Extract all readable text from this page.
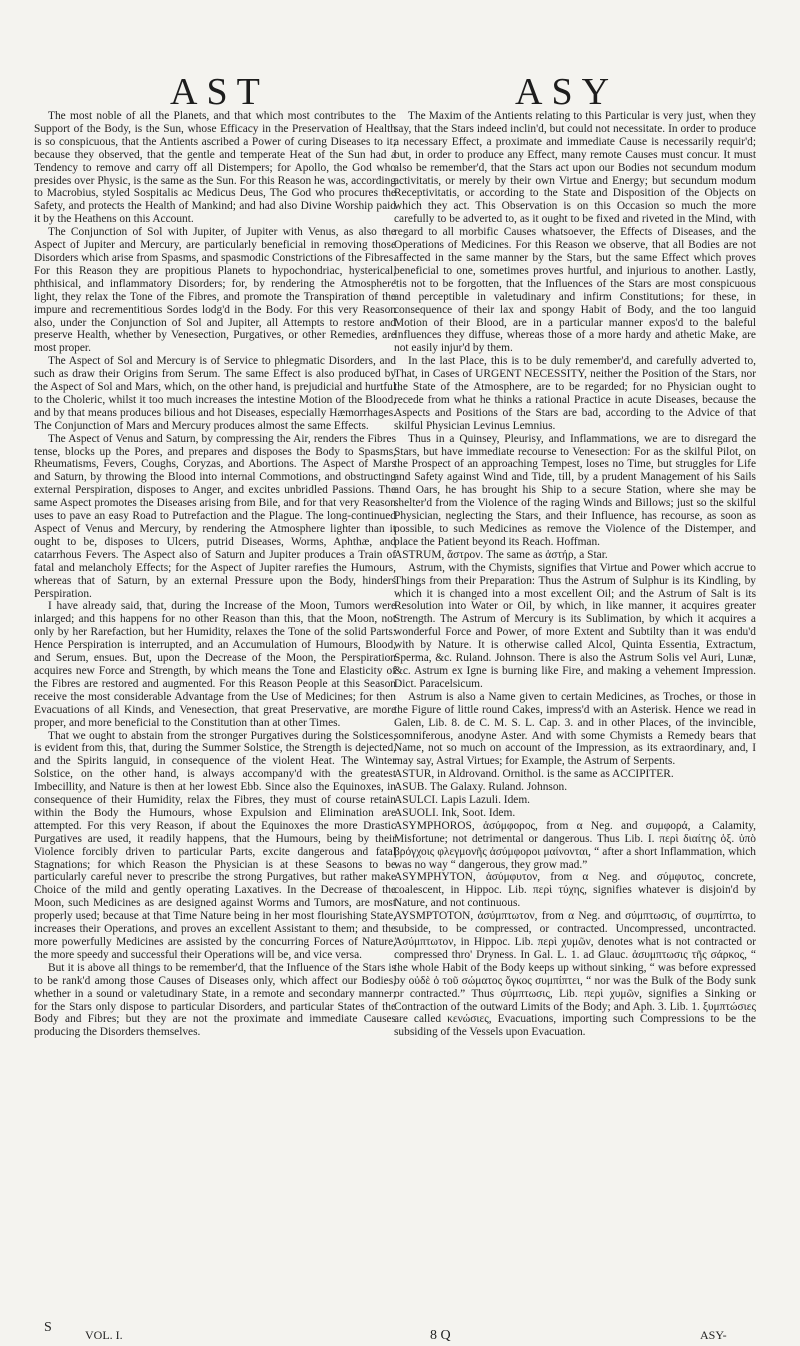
AST	ASY

The most noble of all the Planets, and that which most contributes to the Support of the Body, is the Sun, whose Efficacy in the Preservation of Health is so conspicuous, that the Antients ascribed a Power of curing Diseases to it; because they observed, that the gentle and temperate Heat of the Sun had a Tendency to remove and carry off all Distempers; for Apollo, the God who presides over Physic, is the same as the Sun. For this Reason he was, according to Macrobius, styled Sospitalis ac Medicus Deus, The God who procures the Safety, and protects the Health of Mankind; and had also Divine Worship paid it by the Heathens on this Account.

The Conjunction of Sol with Jupiter, of Jupiter with Venus, as also the Aspect of Jupiter and Mercury, are particularly beneficial in removing those Disorders which arise from Spasms, and spasmodic Constrictions of the Fibres. For this Reason they are propitious Planets to hypochondriac, hysterical, phthisical, and inflammatory Disorders; for, by rendering the Atmosphere light, they relax the Tone of the Fibres, and promote the Transpiration of the impure and recrementitious Sordes lodg'd in the Body. For this very Reason also, under the Conjunction of Sol and Jupiter, all Attempts to restore and preserve Health, whether by Venesection, Purgatives, or other Remedies, are most proper.

The Aspect of Sol and Mercury is of Service to phlegmatic Disorders, and such as draw their Origins from Serum. The same Effect is also produced by the Aspect of Sol and Mars, which, on the other hand, is prejudicial and hurtful to the Choleric, whilst it too much increases the intestine Motion of the Blood, and by that means produces bilious and hot Diseases, especially Hæmorrhages. The Conjunction of Mars and Mercury produces almost the same Effects.

The Aspect of Venus and Saturn, by compressing the Air, renders the Fibres tense, blocks up the Pores, and prepares and disposes the Body to Spasms, Rheumatisms, Fevers, Coughs, Coryzas, and Abortions. The Aspect of Mars and Saturn, by throwing the Blood into internal Commotions, and obstructing external Perspiration, disposes to Anger, and excites unbridled Passions. The same Aspect promotes the Diseases arising from Bile, and for that very Reason uses to pave an easy Road to Putrefaction and the Plague. The long-continued Aspect of Venus and Mercury, by rendering the Atmosphere lighter than it ought to be, disposes to Ulcers, putrid Diseases, Worms, Aphthæ, and catarrhous Fevers. The Aspect also of Saturn and Jupiter produces a Train of fatal and melancholy Effects; for the Aspect of Jupiter rarefies the Humours, whereas that of Saturn, by an external Pressure upon the Body, hinders Perspiration.

I have already said, that, during the Increase of the Moon, Tumors were inlarged; and this happens for no other Reason than this, that the Moon, not only by her Rarefaction, but her Humidity, relaxes the Tone of the solid Parts: Hence Perspiration is interrupted, and an Accumulation of Humours, Blood, and Serum, ensues. But, upon the Decrease of the Moon, the Perspiration acquires new Force and Strength, by which means the Tone and Elasticity of the Fibres are restored and augmented. For this Reason People at this Season receive the most considerable Advantage from the Use of Medicines; for then Evacuations of all Kinds, and Venesection, that great Preservative, are more proper, and more beneficial to the Constitution than at other Times.

That we ought to abstain from the stronger Purgatives during the Solstices, is evident from this, that, during the Summer Solstice, the Strength is dejected, and the Spirits languid, in consequence of the violent Heat. The Winter Solstice, on the other hand, is always accompany'd with the greatest Imbecillity, and Nature is then at her lowest Ebb. Since also the Equinoxes, in consequence of their Humidity, relax the Fibres, they must of course retain within the Body the Humours, whose Expulsion and Elimination are attempted. For this very Reason, if about the Equinoxes the more Drastic Purgatives are used, it readily happens, that the Humours, being by their Violence forcibly driven to particular Parts, excite dangerous and fatal Stagnations; for which Reason the Physician is at these Seasons to be particularly careful never to prescribe the strong Purgatives, but rather make Choice of the mild and gently operating Laxatives. In the Decrease of the Moon, such Medicines as are designed against Worms and Tumors, are most properly used; because at that Time Nature being in her most flourishing State, increases their Operations, and proves an excellent Assistant to them; and the more powerfully Medicines are assisted by the concurring Forces of Nature, the more speedy and successful their Operations will be, and vice versa.

But it is above all things to be remember'd, that the Influence of the Stars is to be rank'd among those Causes of Diseases only, which affect our Bodies, whether in a sound or valetudinary State, in a remote and secondary manner; for the Stars only dispose to particular Disorders, and particular States of the Body and Fibres; but they are not the proximate and immediate Causes producing the Disorders themselves.

The Maxim of the Antients relating to this Particular is very just, when they say, that the Stars indeed inclin'd, but could not necessitate. In order to produce a necessary Effect, a proximate and immediate Cause is necessarily requir'd; but, in order to produce any Effect, many remote Causes must concur. It must also be remember'd, that the Stars act upon our Bodies not secundum modum activitatis, or merely by their own Virtue and Energy; but secundum modum Receptivitatis, or according to the State and Disposition of the Objects on which they act. This Observation is on this Occasion so much the more carefully to be adverted to, as it ought to be fixed and riveted in the Mind, with regard to all morbific Causes whatsoever, the Effects of Diseases, and the Operations of Medicines. For this Reason we observe, that all Bodies are not affected in the same manner by the Stars, but the same Effect which proves beneficial to one, sometimes proves hurtful, and injurious to another. Lastly, 'tis not to be forgotten, that the Influences of the Stars are most conspicuous and perceptible in valetudinary and infirm Constitutions; for these, in consequence of their lax and spongy Habit of Body, and the too languid Motion of their Blood, are in a particular manner expos'd to the baleful Influences they diffuse, whereas those of a more hardy and athetic Make, are not easily injur'd by them.

In the last Place, this is to be duly remember'd, and carefully adverted to, That, in Cases of URGENT NECESSITY, neither the Position of the Stars, nor the State of the Atmosphere, are to be regarded; for no Physician ought to recede from what he thinks a rational Practice in acute Diseases, because the Aspects and Positions of the Stars are bad, according to the Advice of that skilful Physician Levinus Lemnius.

Thus in a Quinsey, Pleurisy, and Inflammations, we are to disregard the Stars, but have immediate recourse to Venesection: For as the skilful Pilot, on the Prospect of an approaching Tempest, loses no Time, but struggles for Life and Safety against Wind and Tide, till, by a prudent Management of his Sails and Oars, he has brought his Ship to a secure Station, where she may be shelter'd from the Violence of the raging Winds and Billows; just so the skilful Physician, neglecting the Stars, and their Influence, has recourse, as soon as possible, to such Medicines as remove the Violence of the Distemper, and place the Patient beyond its Reach. Hoffman.

ASTRUM, ἄστρον. The same as ἀστήρ, a Star.

Astrum, with the Chymists, signifies that Virtue and Power which accrue to Things from their Preparation: Thus the Astrum of Sulphur is its Kindling, by which it is changed into a most excellent Oil; and the Astrum of Salt is its Resolution into Water or Oil, by which, in like manner, it acquires greater Strength. The Astrum of Mercury is its Sublimation, by which it acquires a wonderful Force and Power, of more Extent and Subtilty than it was endu'd with by Nature. It is otherwise called Alcol, Quinta Essentia, Extractum, Sperma, &c. Ruland. Johnson. There is also the Astrum Solis vel Auri, Lunæ, &c. Astrum ex Igne is burning like Fire, and making a vehement Impression. Dict. Paracelsicum.

Astrum is also a Name given to certain Medicines, as Troches, or those in the Figure of little round Cakes, impress'd with an Asterisk. Hence we read in Galen, Lib. 8. de C. M. S. L. Cap. 3. and in other Places, of the invincible, somniferous, anodyne Aster. And with some Chymists a Remedy bears that Name, not so much on account of the Impression, as its extraordinary, and, I may say, Astral Virtues; for Example, the Astrum of Serpents.

ASTUR, in Aldrovand. Ornithol. is the same as ACCIPITER.

ASUB. The Galaxy. Ruland. Johnson.

ASULCI. Lapis Lazuli. Idem.

ASUOLI. Ink, Soot. Idem.

ASYMPHOROS, ἀσύμφορος, from α Neg. and συμφορά, a Calamity, Misfortune; not detrimental or dangerous. Thus Lib. I. περὶ διαίτης ὀξ. ὑπὸ βρόγχοις φλεγμονῆς ἀσύμφοροι μαίνονται, “ after a short Inflammation, which was no way “ dangerous, they grow mad.”

ASYMPHYTON, ἀσύμφυτον, from α Neg. and σύμφυτος, concrete, coalescent, in Hippoc. Lib. περὶ τύχης, signifies whatever is disjoin'd by Nature, and not continuous.

AYSMPTOTON, ἀσύμπτωτον, from α Neg. and σύμπτωσις, of συμπίπτω, to subside, to be compressed, or contracted. Uncompressed, uncontracted. Ἀσύμπτωτον, in Hippoc. Lib. περὶ χυμῶν, denotes what is not contracted or compressed thro' Dryness. In Gal. L. 1. ad Glauc. ἀσυμπτωσις τῆς σάρκος, “ the whole Habit of the Body keeps up without sinking, “ was before expressed by οὐδὲ ὁ τοῦ σώματος ὄγκος συμπίπτει, “ nor was the Bulk of the Body sunk or contracted.” Thus σύμπτωσις, Lib. περὶ χυμῶν, signifies a Sinking or Contraction of the outward Limits of the Body; and Aph. 3. Lib. 1. ξυμπτώσιες are called κενώσιες, Evacuations, importing such Compressions to be the subsiding of the Vessels upon Evacuation.

VOL. I.	8 Q	ASY-
S
